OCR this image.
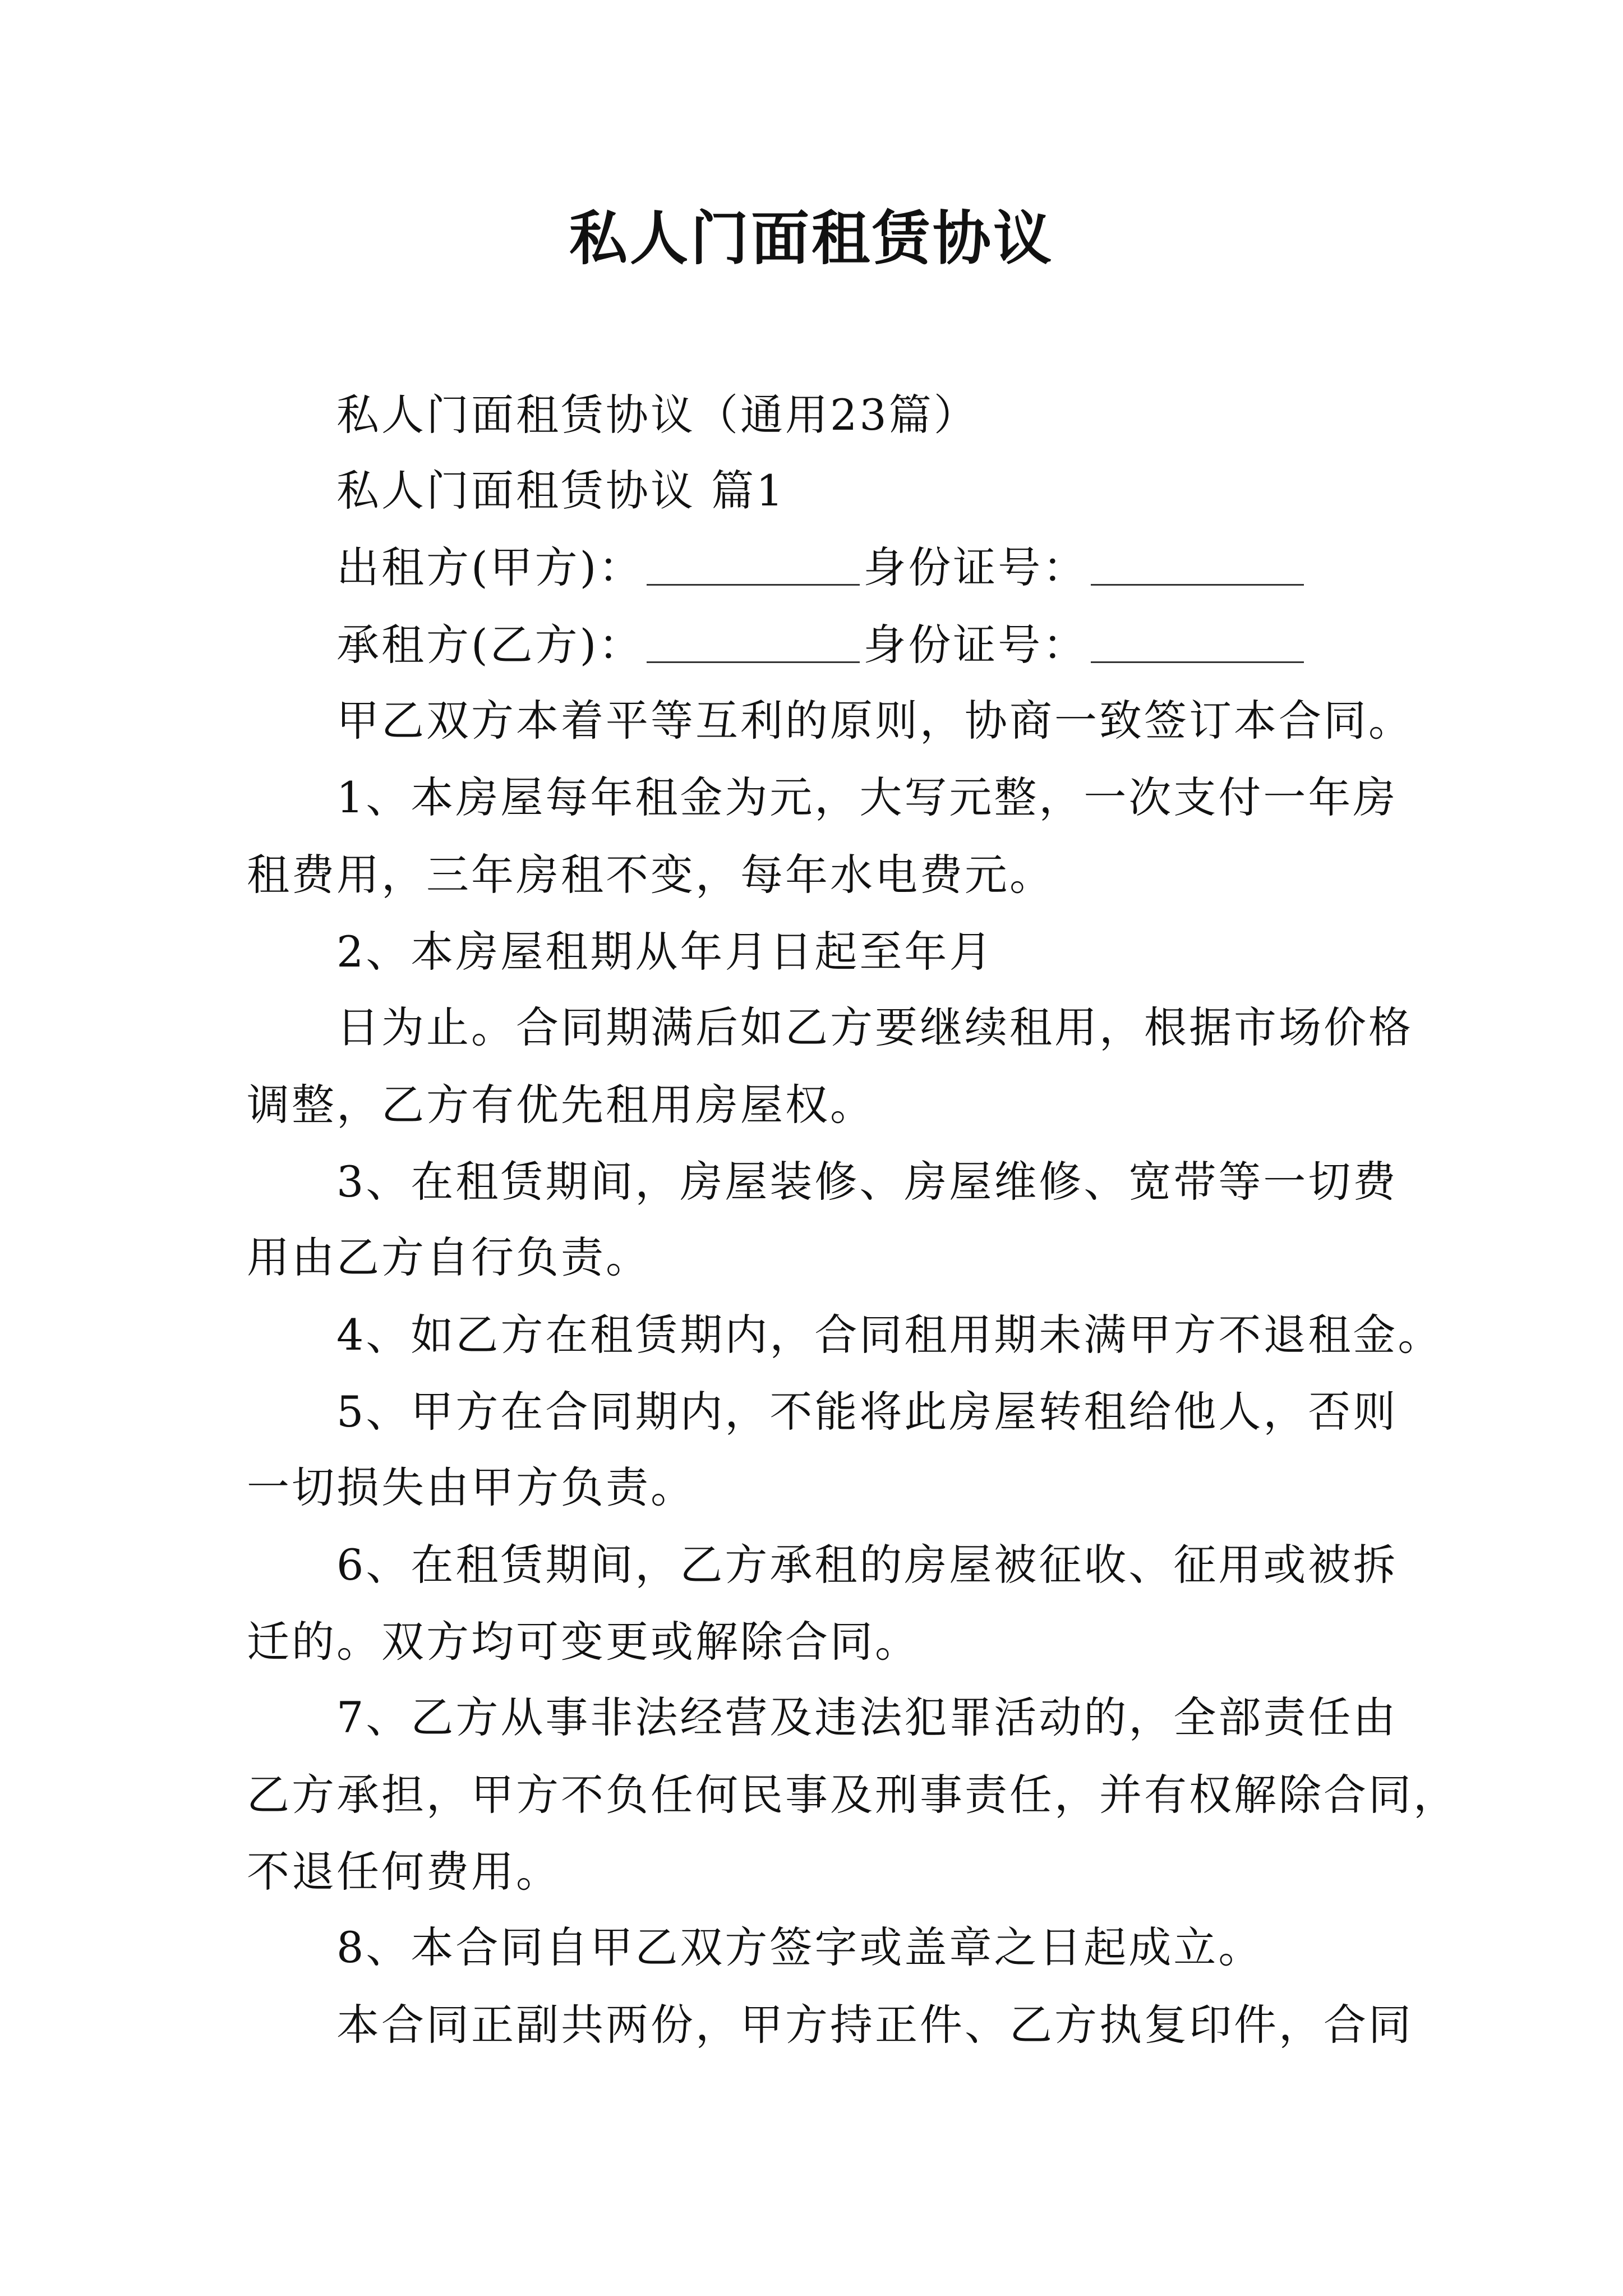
私人门面租赁协议
私人门面租赁协议（通用23篇）
私人门面租赁协议 篇1
出租方(甲方)：	身份证号：
承租方(乙方)：	身份证号：
甲乙双方本着平等互利的原则，协商一致签订本合同。
1、本房屋每年租金为元，大写元整，一次支付一年房
租费用，三年房租不变，每年水电费元。
2、本房屋租期从年月日起至年月
日为止。合同期满后如乙方要继续租用，根据市场价格
调整，乙方有优先租用房屋权。
3、在租赁期间，房屋装修、房屋维修、宽带等一切费
用由乙方自行负责。
4、如乙方在租赁期内，合同租用期未满甲方不退租金。
5、甲方在合同期内，不能将此房屋转租给他人，否则
一切损失由甲方负责。
6、在租赁期间，乙方承租的房屋被征收、征用或被拆
迁的。双方均可变更或解除合同。
7、乙方从事非法经营及违法犯罪活动的，全部责任由
乙方承担，甲方不负任何民事及刑事责任，并有权解除合同，
不退任何费用。
8、本合同自甲乙双方签字或盖章之日起成立。
本合同正副共两份，甲方持正件、乙方执复印件，合同
